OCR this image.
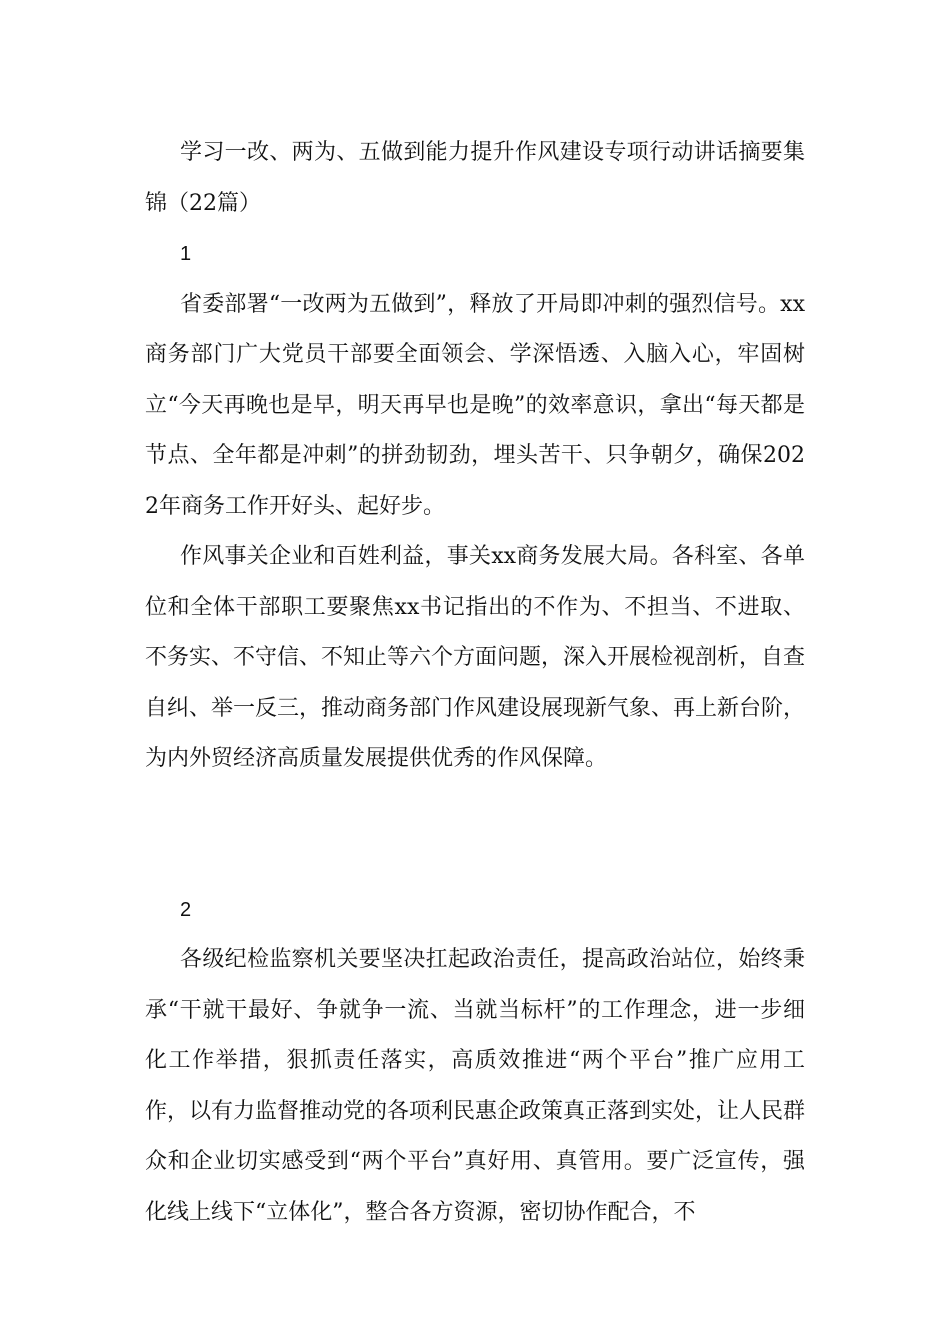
学习一改、两为、五做到能力提升作风建设专项行动讲话摘要集锦（22篇）

1

省委部署“一改两为五做到”，释放了开局即冲刺的强烈信号。xx商务部门广大党员干部要全面领会、学深悟透、入脑入心，牢固树立“今天再晚也是早，明天再早也是晚”的效率意识，拿出“每天都是节点、全年都是冲刺”的拼劲韧劲，埋头苦干、只争朝夕，确保2022年商务工作开好头、起好步。

作风事关企业和百姓利益，事关xx商务发展大局。各科室、各单位和全体干部职工要聚焦xx书记指出的不作为、不担当、不进取、不务实、不守信、不知止等六个方面问题，深入开展检视剖析，自查自纠、举一反三，推动商务部门作风建设展现新气象、再上新台阶，为内外贸经济高质量发展提供优秀的作风保障。

2

各级纪检监察机关要坚决扛起政治责任，提高政治站位，始终秉承“干就干最好、争就争一流、当就当标杆”的工作理念，进一步细化工作举措，狠抓责任落实，高质效推进“两个平台”推广应用工作，以有力监督推动党的各项利民惠企政策真正落到实处，让人民群众和企业切实感受到“两个平台”真好用、真管用。要广泛宣传，强化线上线下“立体化”，整合各方资源，密切协作配合，不
